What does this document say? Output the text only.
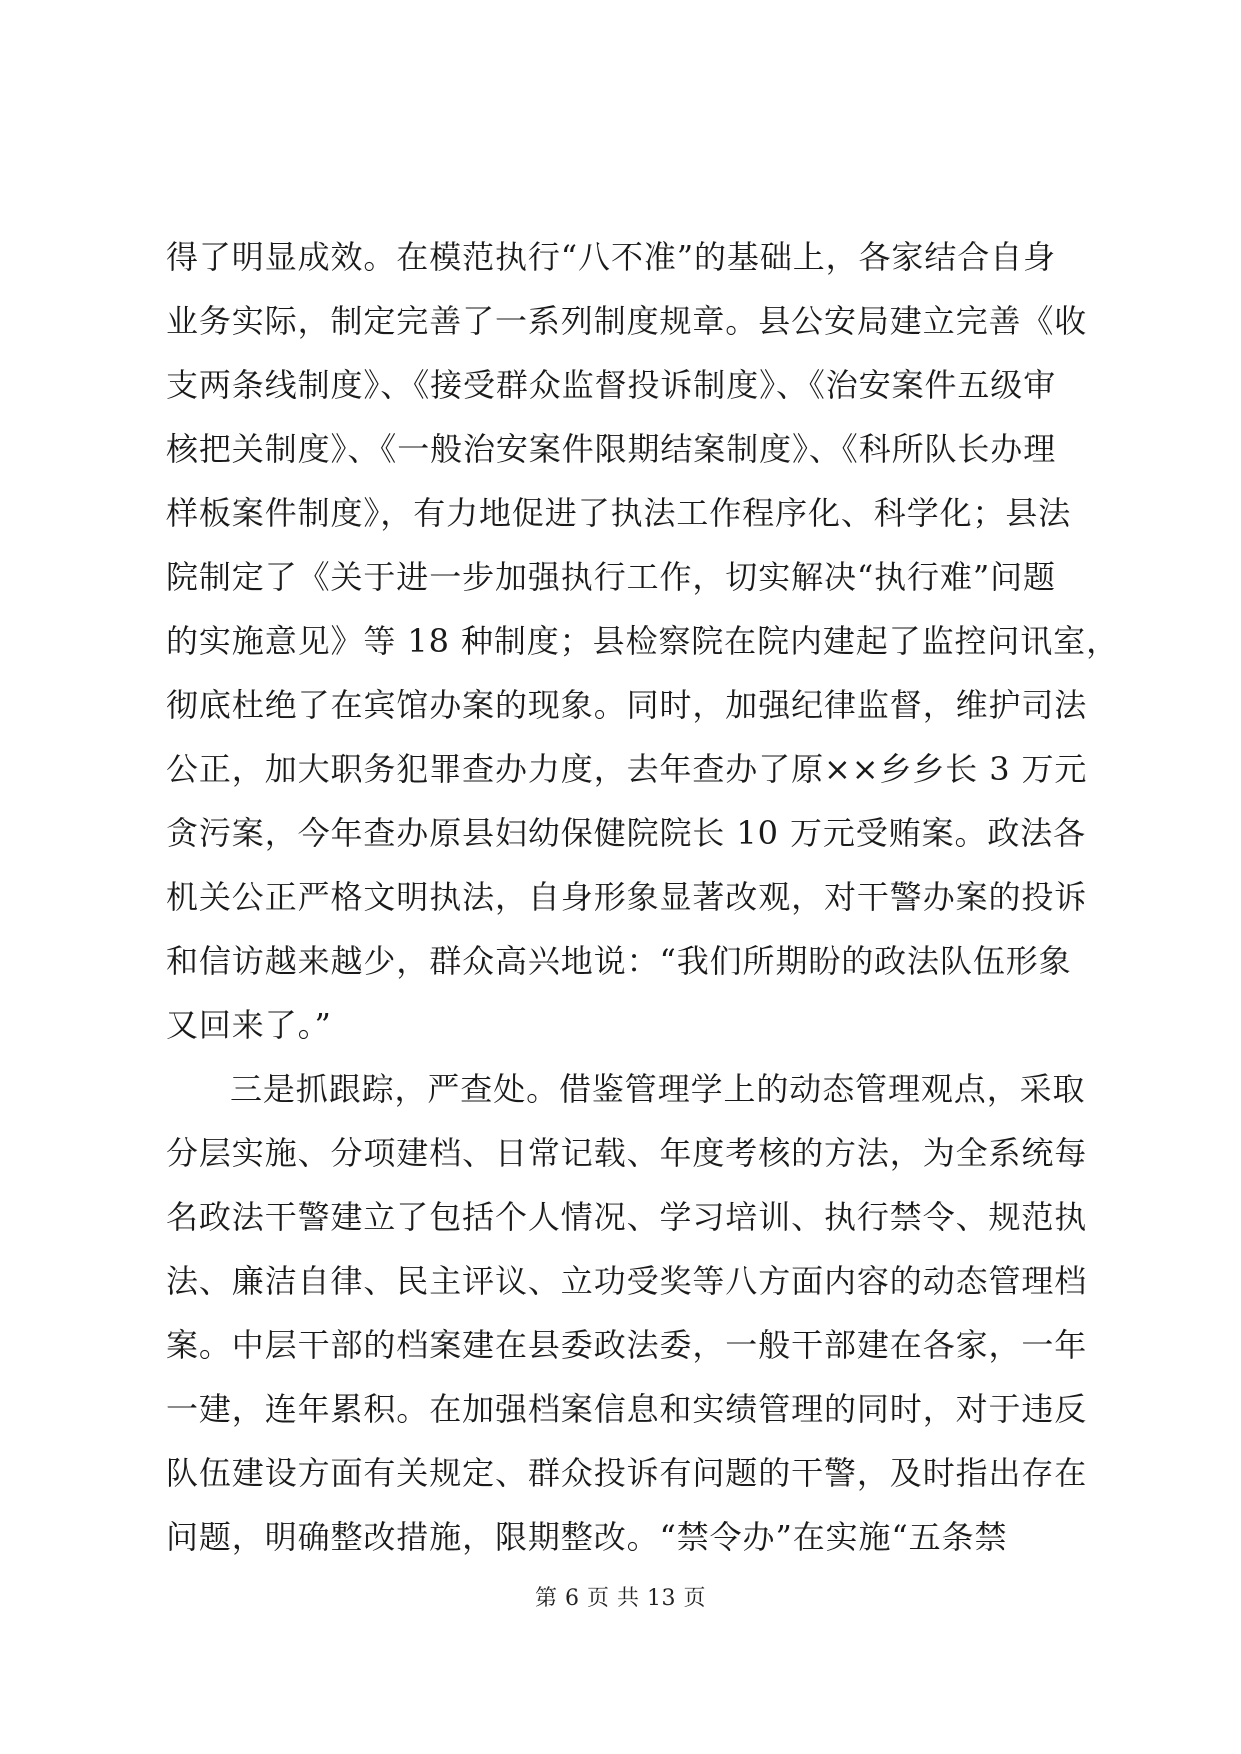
得了明显成效。在模范执行“八不准”的基础上，各家结合自身
业务实际，制定完善了一系列制度规章。县公安局建立完善《收
支两条线制度》、《接受群众监督投诉制度》、《治安案件五级审
核把关制度》、《一般治安案件限期结案制度》、《科所队长办理
样板案件制度》，有力地促进了执法工作程序化、科学化；县法
院制定了《关于进一步加强执行工作，切实解决“执行难”问题
的实施意见》等 18 种制度；县检察院在院内建起了监控问讯室，
彻底杜绝了在宾馆办案的现象。同时，加强纪律监督，维护司法
公正，加大职务犯罪查办力度，去年查办了原××乡乡长 3 万元
贪污案，今年查办原县妇幼保健院院长 10 万元受贿案。政法各
机关公正严格文明执法，自身形象显著改观，对干警办案的投诉
和信访越来越少，群众高兴地说：“我们所期盼的政法队伍形象
又回来了。”
三是抓跟踪，严查处。借鉴管理学上的动态管理观点，采取
分层实施、分项建档、日常记载、年度考核的方法，为全系统每
名政法干警建立了包括个人情况、学习培训、执行禁令、规范执
法、廉洁自律、民主评议、立功受奖等八方面内容的动态管理档
案。中层干部的档案建在县委政法委，一般干部建在各家，一年
一建，连年累积。在加强档案信息和实绩管理的同时，对于违反
队伍建设方面有关规定、群众投诉有问题的干警，及时指出存在
问题，明确整改措施，限期整改。“禁令办”在实施“五条禁
第 6 页 共 13 页
